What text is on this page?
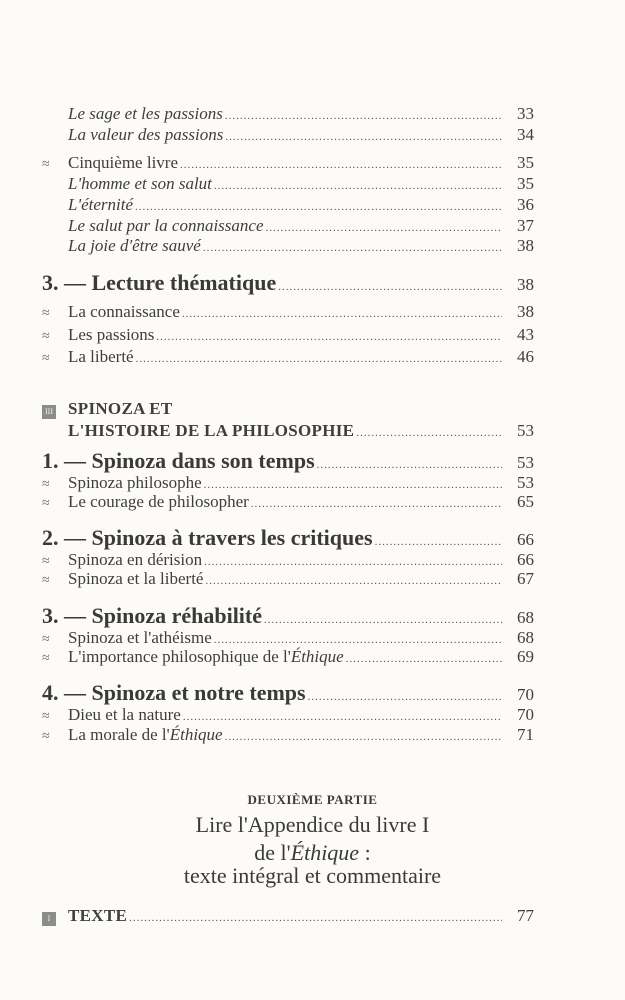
Le sage et les passions .....	33
La valeur des passions .....	34
≈	Cinquième livre .....	35
L'homme et son salut .....	35
L'éternité .....	36
Le salut par la connaissance .....	37
La joie d'être sauvé .....	38
3. — Lecture thématique .....	38
≈	La connaissance .....	38
≈	Les passions .....	43
≈	La liberté .....	46
III SPINOZA ET
L'HISTOIRE DE LA PHILOSOPHIE .....	53
1. — Spinoza dans son temps .....	53
≈	Spinoza philosophe .....	53
≈	Le courage de philosopher .....	65
2. — Spinoza à travers les critiques .....	66
≈	Spinoza en dérision .....	66
≈	Spinoza et la liberté .....	67
3. — Spinoza réhabilité .....	68
≈	Spinoza et l'athéisme .....	68
≈	L'importance philosophique de l'Éthique .....	69
4. — Spinoza et notre temps .....	70
≈	Dieu et la nature .....	70
≈	La morale de l'Éthique .....	71
DEUXIÈME PARTIE
Lire l'Appendice du livre I
de l'Éthique :
texte intégral et commentaire
I	TEXTE .....	77
